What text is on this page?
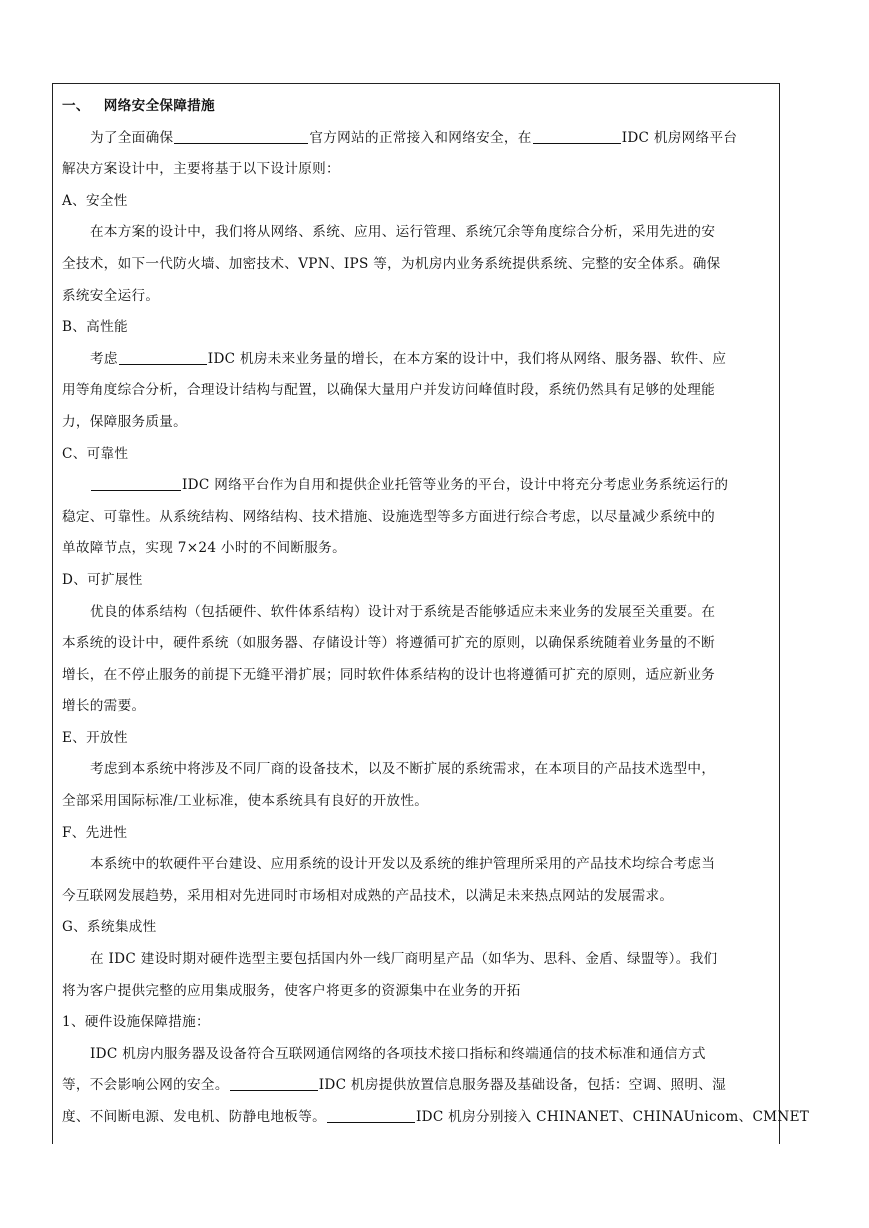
一、 网络安全保障措施
为了全面确保	官方网站的正常接入和网络安全，在	IDC 机房网络平台
解决方案设计中，主要将基于以下设计原则：
A、安全性
在本方案的设计中，我们将从网络、系统、应用、运行管理、系统冗余等角度综合分析，采用先进的安
全技术，如下一代防火墙、加密技术、VPN、IPS 等，为机房内业务系统提供系统、完整的安全体系。确保
系统安全运行。
B、高性能
考虑	IDC 机房未来业务量的增长，在本方案的设计中，我们将从网络、服务器、软件、应
用等角度综合分析，合理设计结构与配置，以确保大量用户并发访问峰值时段，系统仍然具有足够的处理能
力，保障服务质量。
C、可靠性
IDC 网络平台作为自用和提供企业托管等业务的平台，设计中将充分考虑业务系统运行的
稳定、可靠性。从系统结构、网络结构、技术措施、设施选型等多方面进行综合考虑，以尽量减少系统中的
单故障节点，实现 7×24 小时的不间断服务。
D、可扩展性
优良的体系结构（包括硬件、软件体系结构）设计对于系统是否能够适应未来业务的发展至关重要。在
本系统的设计中，硬件系统（如服务器、存储设计等）将遵循可扩充的原则，以确保系统随着业务量的不断
增长，在不停止服务的前提下无缝平滑扩展；同时软件体系结构的设计也将遵循可扩充的原则，适应新业务
增长的需要。
E、开放性
考虑到本系统中将涉及不同厂商的设备技术，以及不断扩展的系统需求，在本项目的产品技术选型中，
全部采用国际标准/工业标准，使本系统具有良好的开放性。
F、先进性
本系统中的软硬件平台建设、应用系统的设计开发以及系统的维护管理所采用的产品技术均综合考虑当
今互联网发展趋势，采用相对先进同时市场相对成熟的产品技术，以满足未来热点网站的发展需求。
G、系统集成性
在 IDC 建设时期对硬件选型主要包括国内外一线厂商明星产品（如华为、思科、金盾、绿盟等）。我们
将为客户提供完整的应用集成服务，使客户将更多的资源集中在业务的开拓
1、硬件设施保障措施：
IDC 机房内服务器及设备符合互联网通信网络的各项技术接口指标和终端通信的技术标准和通信方式
等，不会影响公网的安全。	IDC 机房提供放置信息服务器及基础设备，包括：空调、照明、湿
度、不间断电源、发电机、防静电地板等。	IDC 机房分别接入 CHINANET、CHINAUnicom、CMNET
